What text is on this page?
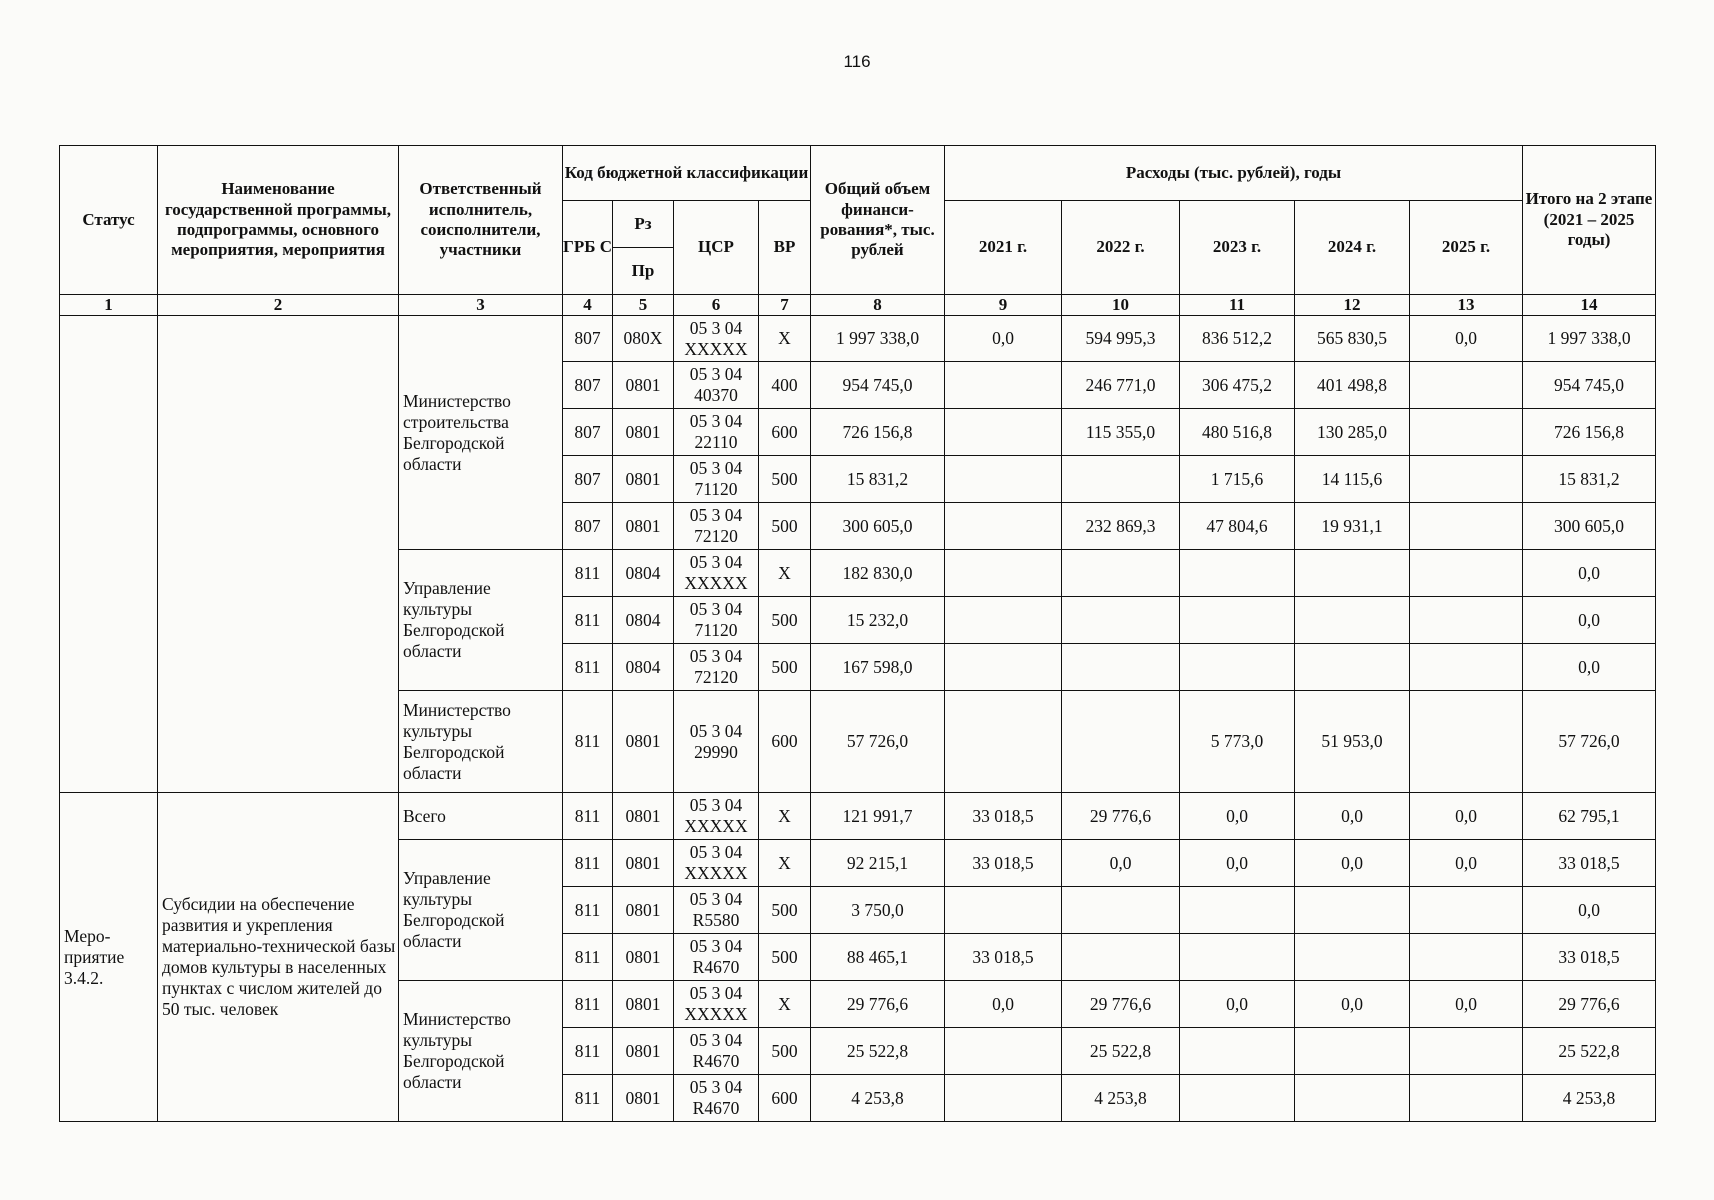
116
Статус	Наименование государственной программы, подпрограммы, основного мероприятия, мероприятия	Ответственный исполнитель, соисполнители, участники	Код бюджетной классификации				Общий объем финанси-рования*, тыс. рублей	Расходы (тыс. рублей), годы					Итого на 2 этапе (2021 – 2025 годы)
			ГРБ С	Рз	ЦСР	ВР		2021 г.	2022 г.	2023 г.	2024 г.	2025 г.	
				Пр									
1	2	3	4	5	6	7	8	9	10	11	12	13	14
		Министерство строительства Белгородской области	807	080X	05 3 04 XXXXX	X	1 997 338,0	0,0	594 995,3	836 512,2	565 830,5	0,0	1 997 338,0
			807	0801	05 3 04 40370	400	954 745,0		246 771,0	306 475,2	401 498,8		954 745,0
			807	0801	05 3 04 22110	600	726 156,8		115 355,0	480 516,8	130 285,0		726 156,8
			807	0801	05 3 04 71120	500	15 831,2			1 715,6	14 115,6		15 831,2
			807	0801	05 3 04 72120	500	300 605,0		232 869,3	47 804,6	19 931,1		300 605,0
		Управление культуры Белгородской области	811	0804	05 3 04 XXXXX	X	182 830,0						0,0
			811	0804	05 3 04 71120	500	15 232,0						0,0
			811	0804	05 3 04 72120	500	167 598,0						0,0
		Министерство культуры Белгородской области	811	0801	05 3 04 29990	600	57 726,0			5 773,0	51 953,0		57 726,0
Меро-приятие 3.4.2.	Субсидии на обеспечение развития и укрепления материально-технической базы домов культуры в населенных пунктах с числом жителей до 50 тыс. человек	Всего	811	0801	05 3 04 XXXXX	X	121 991,7	33 018,5	29 776,6	0,0	0,0	0,0	62 795,1
		Управление культуры Белгородской области	811	0801	05 3 04 XXXXX	X	92 215,1	33 018,5	0,0	0,0	0,0	0,0	33 018,5
			811	0801	05 3 04 R5580	500	3 750,0						0,0
			811	0801	05 3 04 R4670	500	88 465,1	33 018,5					33 018,5
		Министерство культуры Белгородской области	811	0801	05 3 04 XXXXX	X	29 776,6	0,0	29 776,6	0,0	0,0	0,0	29 776,6
			811	0801	05 3 04 R4670	500	25 522,8		25 522,8				25 522,8
			811	0801	05 3 04 R4670	600	4 253,8		4 253,8				4 253,8
